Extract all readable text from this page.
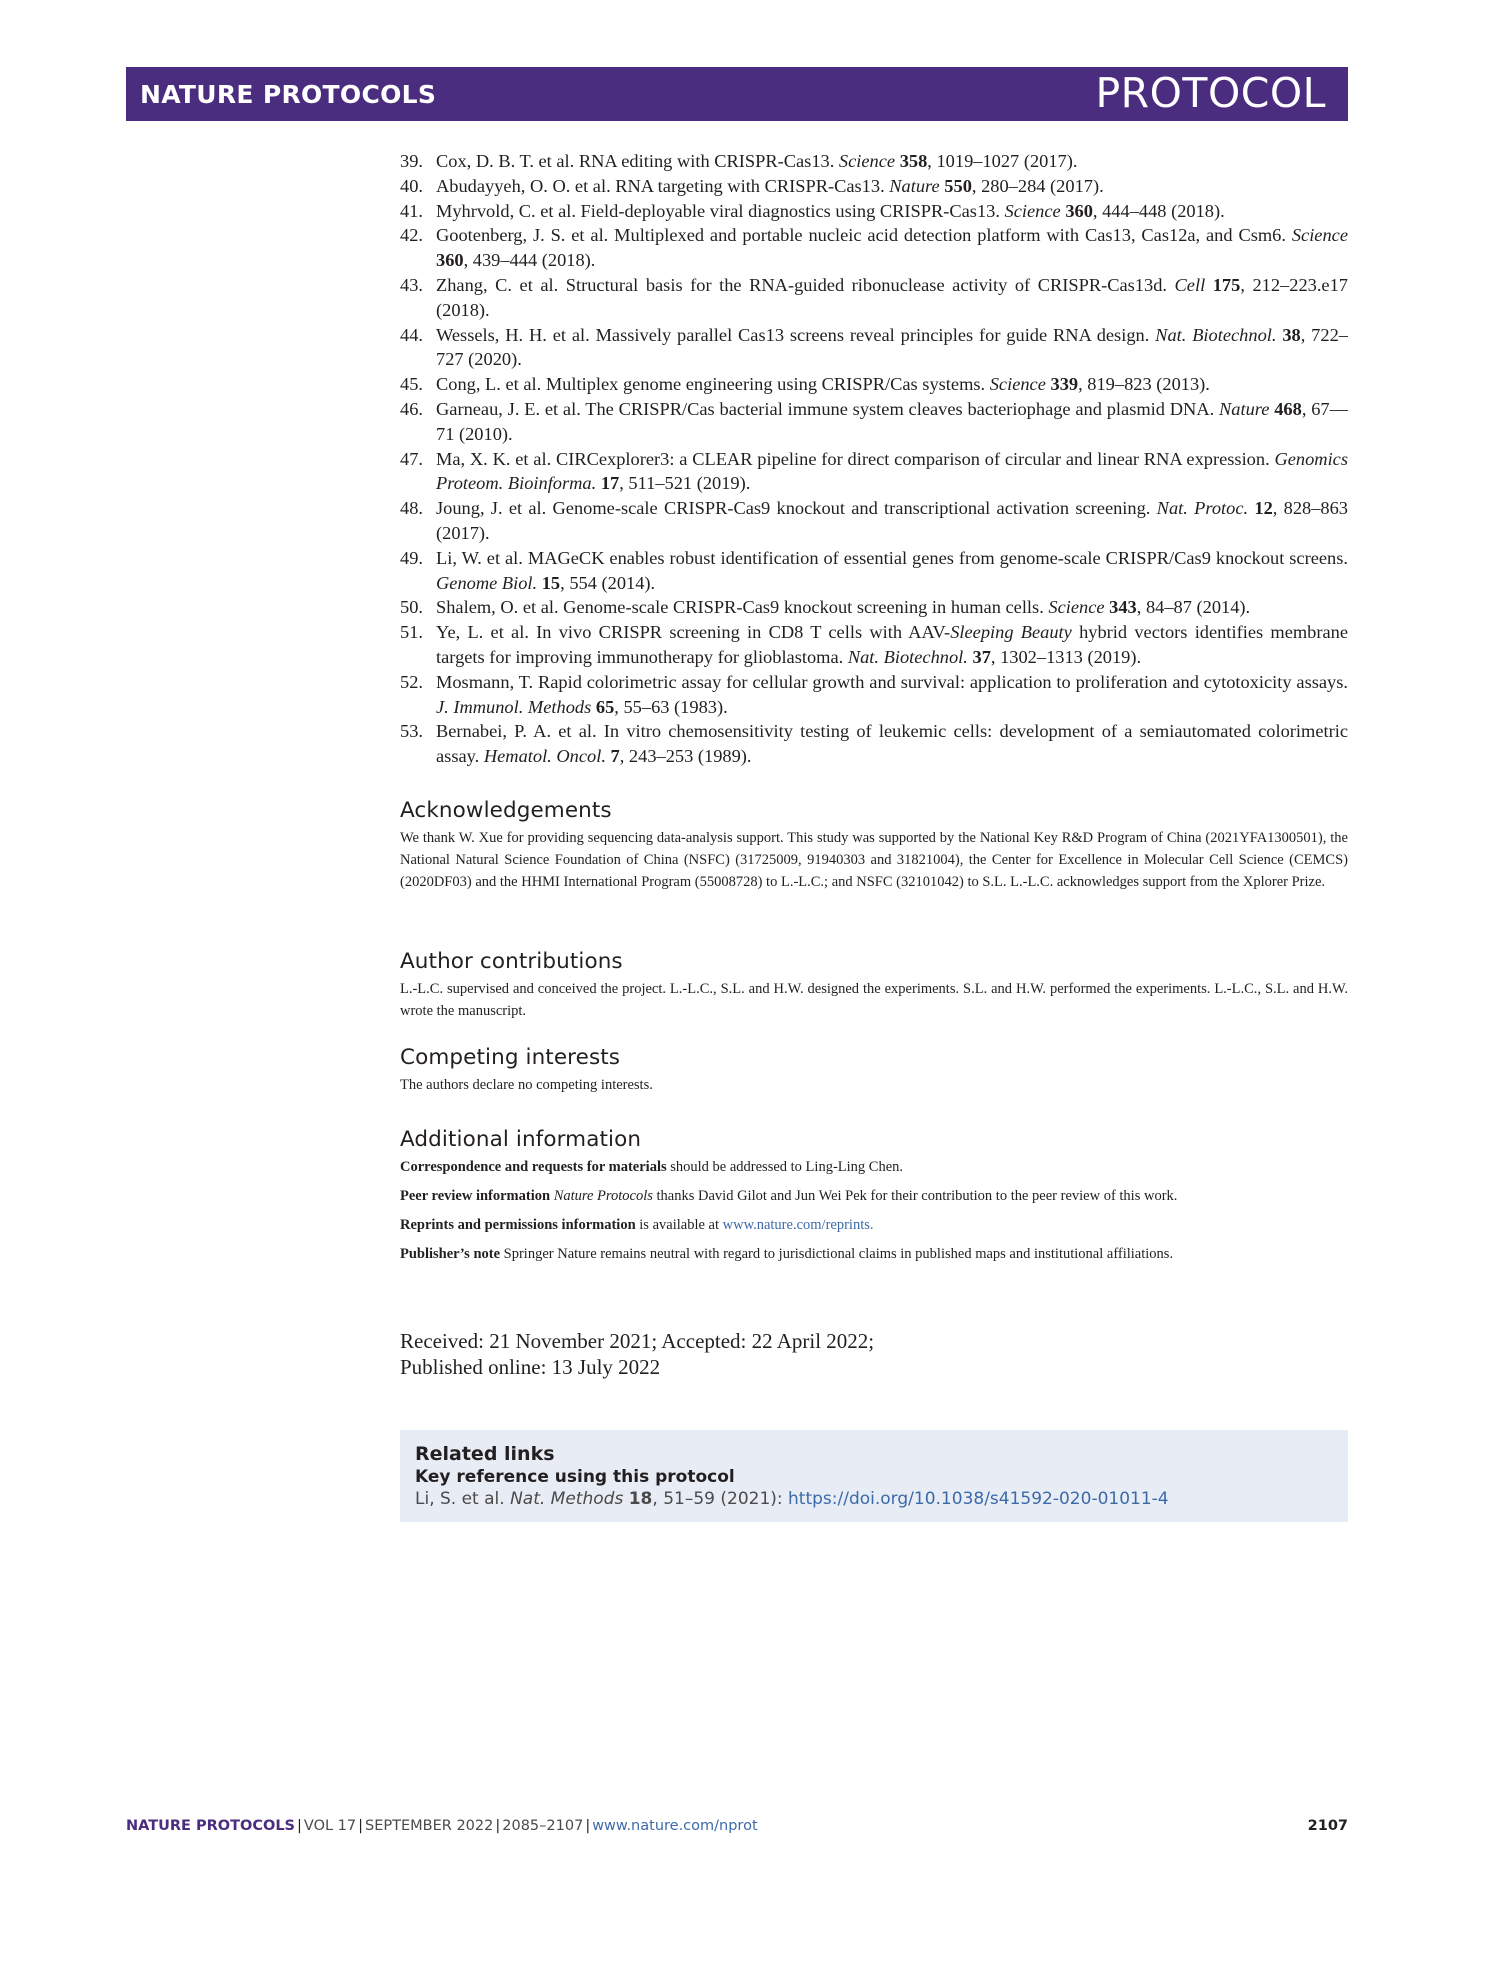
NATURE PROTOCOLS	PROTOCOL
39. Cox, D. B. T. et al. RNA editing with CRISPR-Cas13. Science 358, 1019–1027 (2017).
40. Abudayyeh, O. O. et al. RNA targeting with CRISPR-Cas13. Nature 550, 280–284 (2017).
41. Myhrvold, C. et al. Field-deployable viral diagnostics using CRISPR-Cas13. Science 360, 444–448 (2018).
42. Gootenberg, J. S. et al. Multiplexed and portable nucleic acid detection platform with Cas13, Cas12a, and Csm6. Science 360, 439–444 (2018).
43. Zhang, C. et al. Structural basis for the RNA-guided ribonuclease activity of CRISPR-Cas13d. Cell 175, 212–223.e17 (2018).
44. Wessels, H. H. et al. Massively parallel Cas13 screens reveal principles for guide RNA design. Nat. Biotechnol. 38, 722–727 (2020).
45. Cong, L. et al. Multiplex genome engineering using CRISPR/Cas systems. Science 339, 819–823 (2013).
46. Garneau, J. E. et al. The CRISPR/Cas bacterial immune system cleaves bacteriophage and plasmid DNA. Nature 468, 67––71 (2010).
47. Ma, X. K. et al. CIRCexplorer3: a CLEAR pipeline for direct comparison of circular and linear RNA expression. Genomics Proteom. Bioinforma. 17, 511–521 (2019).
48. Joung, J. et al. Genome-scale CRISPR-Cas9 knockout and transcriptional activation screening. Nat. Protoc. 12, 828–863 (2017).
49. Li, W. et al. MAGeCK enables robust identification of essential genes from genome-scale CRISPR/Cas9 knockout screens. Genome Biol. 15, 554 (2014).
50. Shalem, O. et al. Genome-scale CRISPR-Cas9 knockout screening in human cells. Science 343, 84–87 (2014).
51. Ye, L. et al. In vivo CRISPR screening in CD8 T cells with AAV-Sleeping Beauty hybrid vectors identifies membrane targets for improving immunotherapy for glioblastoma. Nat. Biotechnol. 37, 1302–1313 (2019).
52. Mosmann, T. Rapid colorimetric assay for cellular growth and survival: application to proliferation and cytotoxicity assays. J. Immunol. Methods 65, 55–63 (1983).
53. Bernabei, P. A. et al. In vitro chemosensitivity testing of leukemic cells: development of a semiautomated colorimetric assay. Hematol. Oncol. 7, 243–253 (1989).
Acknowledgements
We thank W. Xue for providing sequencing data-analysis support. This study was supported by the National Key R&D Program of China (2021YFA1300501), the National Natural Science Foundation of China (NSFC) (31725009, 91940303 and 31821004), the Center for Excellence in Molecular Cell Science (CEMCS) (2020DF03) and the HHMI International Program (55008728) to L.-L.C.; and NSFC (32101042) to S.L. L.-L.C. acknowledges support from the Xplorer Prize.
Author contributions
L.-L.C. supervised and conceived the project. L.-L.C., S.L. and H.W. designed the experiments. S.L. and H.W. performed the experiments. L.-L.C., S.L. and H.W. wrote the manuscript.
Competing interests
The authors declare no competing interests.
Additional information

Correspondence and requests for materials should be addressed to Ling-Ling Chen.

Peer review information Nature Protocols thanks David Gilot and Jun Wei Pek for their contribution to the peer review of this work.

Reprints and permissions information is available at www.nature.com/reprints.

Publisher’s note Springer Nature remains neutral with regard to jurisdictional claims in published maps and institutional affiliations.

Received: 21 November 2021; Accepted: 22 April 2022;
Published online: 13 July 2022
Related links
Key reference using this protocol
Li, S. et al. Nat. Methods 18, 51–59 (2021): https://doi.org/10.1038/s41592-020-01011-4
NATURE PROTOCOLS | VOL 17 | SEPTEMBER 2022 | 2085–2107 | www.nature.com/nprot	2107
